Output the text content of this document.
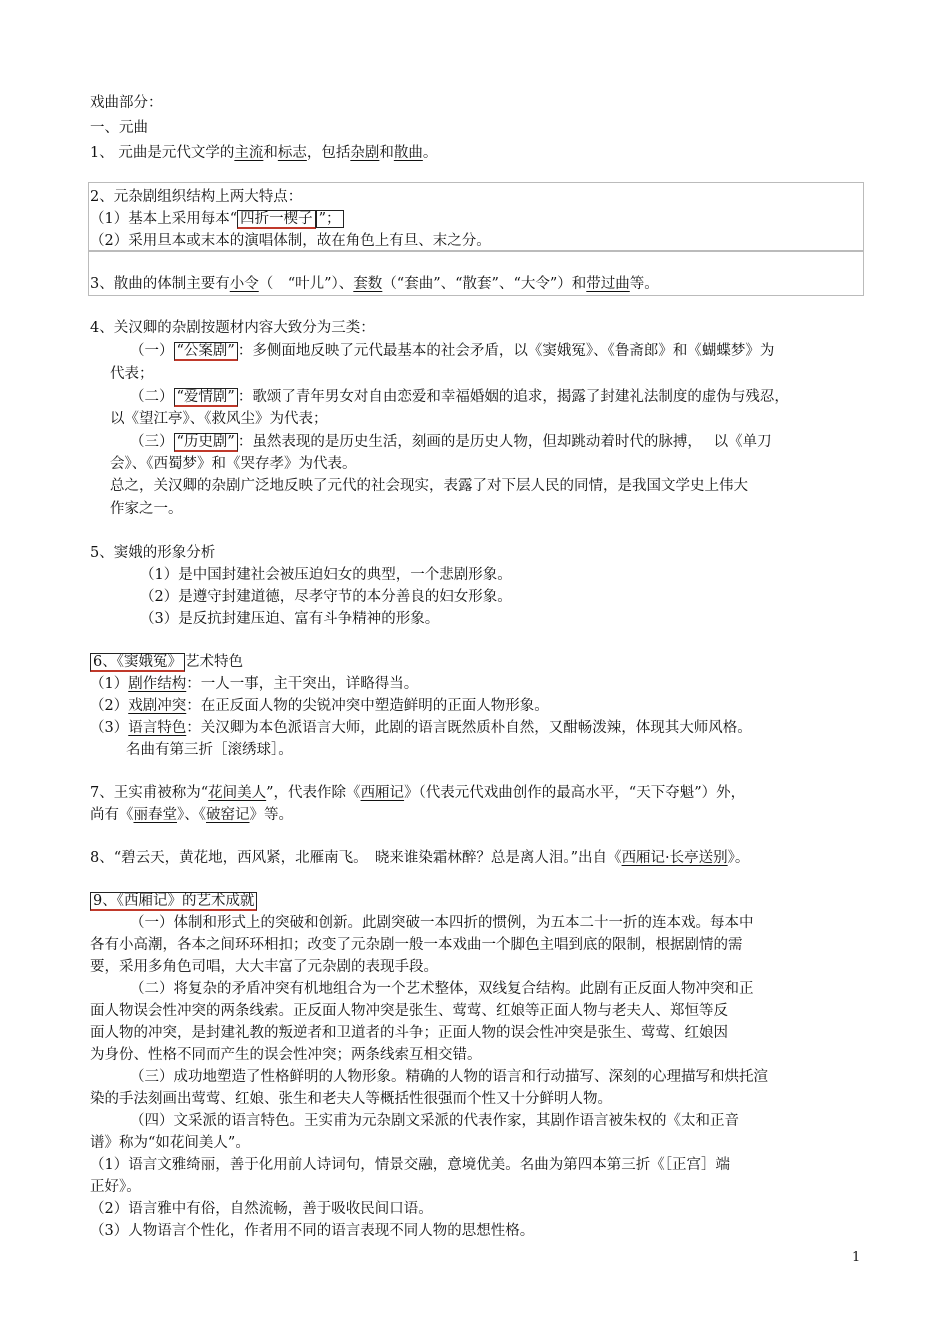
戏曲部分：
一、元曲
1、 元曲是元代文学的主流和标志，包括杂剧和散曲。
2、元杂剧组织结构上两大特点：
（1）基本上采用每本“ 四折一楔子 ”；
（2）采用旦本或末本的演唱体制，故在角色上有旦、末之分。
3、散曲的体制主要有小令（　“叶儿”）、套数（“套曲”、“散套”、“大令”）和带过曲等。
4、关汉卿的杂剧按题材内容大致分为三类：
（一） “公案剧” ：多侧面地反映了元代最基本的社会矛盾，以《窦娥冤》、《鲁斋郎》和《蝴蝶梦》为
代表；
（二） “爱情剧” ：歌颂了青年男女对自由恋爱和幸福婚姻的追求，揭露了封建礼法制度的虚伪与残忍，
以《望江亭》、《救风尘》为代表；
（三） “历史剧” ：虽然表现的是历史生活，刻画的是历史人物，但却跳动着时代的脉搏，　 以《单刀
会》、《西蜀梦》和《哭存孝》为代表。
总之，关汉卿的杂剧广泛地反映了元代的社会现实，表露了对下层人民的同情，是我国文学史上伟大
作家之一。
5、窦娥的形象分析
（1）是中国封建社会被压迫妇女的典型，一个悲剧形象。
（2）是遵守封建道德，尽孝守节的本分善良的妇女形象。
（3）是反抗封建压迫、富有斗争精神的形象。
6、《窦娥冤》 艺术特色
（1）剧作结构：一人一事，主干突出，详略得当。
（2）戏剧冲突：在正反面人物的尖锐冲突中塑造鲜明的正面人物形象。
（3）语言特色：关汉卿为本色派语言大师，此剧的语言既然质朴自然，又酣畅泼辣，体现其大师风格。
名曲有第三折［滚绣球］。
7、王实甫被称为“花间美人”，代表作除《西厢记》（代表元代戏曲创作的最高水平，“天下夺魁”）外，
尚有《丽春堂》、《破窑记》等。
8、“碧云天，黄花地，西风紧，北雁南飞。　晓来谁染霜林醉？总是离人泪。”出自《西厢记·长亭送别》。
9、《西厢记》的艺术成就
（一）体制和形式上的突破和创新。此剧突破一本四折的惯例，为五本二十一折的连本戏。每本中
各有小高潮，各本之间环环相扣；改变了元杂剧一般一本戏曲一个脚色主唱到底的限制，根据剧情的需
要，采用多角色司唱，大大丰富了元杂剧的表现手段。
（二）将复杂的矛盾冲突有机地组合为一个艺术整体，双线复合结构。此剧有正反面人物冲突和正
面人物误会性冲突的两条线索。正反面人物冲突是张生、莺莺、红娘等正面人物与老夫人、郑恒等反
面人物的冲突，是封建礼教的叛逆者和卫道者的斗争；正面人物的误会性冲突是张生、莺莺、红娘因
为身份、性格不同而产生的误会性冲突；两条线索互相交错。
（三）成功地塑造了性格鲜明的人物形象。精确的人物的语言和行动描写、深刻的心理描写和烘托渲
染的手法刻画出莺莺、红娘、张生和老夫人等概括性很强而个性又十分鲜明人物。
（四）文采派的语言特色。王实甫为元杂剧文采派的代表作家，其剧作语言被朱权的《太和正音
谱》称为“如花间美人”。
（1）语言文雅绮丽，善于化用前人诗词句，情景交融，意境优美。名曲为第四本第三折《［正宫］端
正好》。
（2）语言雅中有俗，自然流畅，善于吸收民间口语。
（3）人物语言个性化，作者用不同的语言表现不同人物的思想性格。
1
